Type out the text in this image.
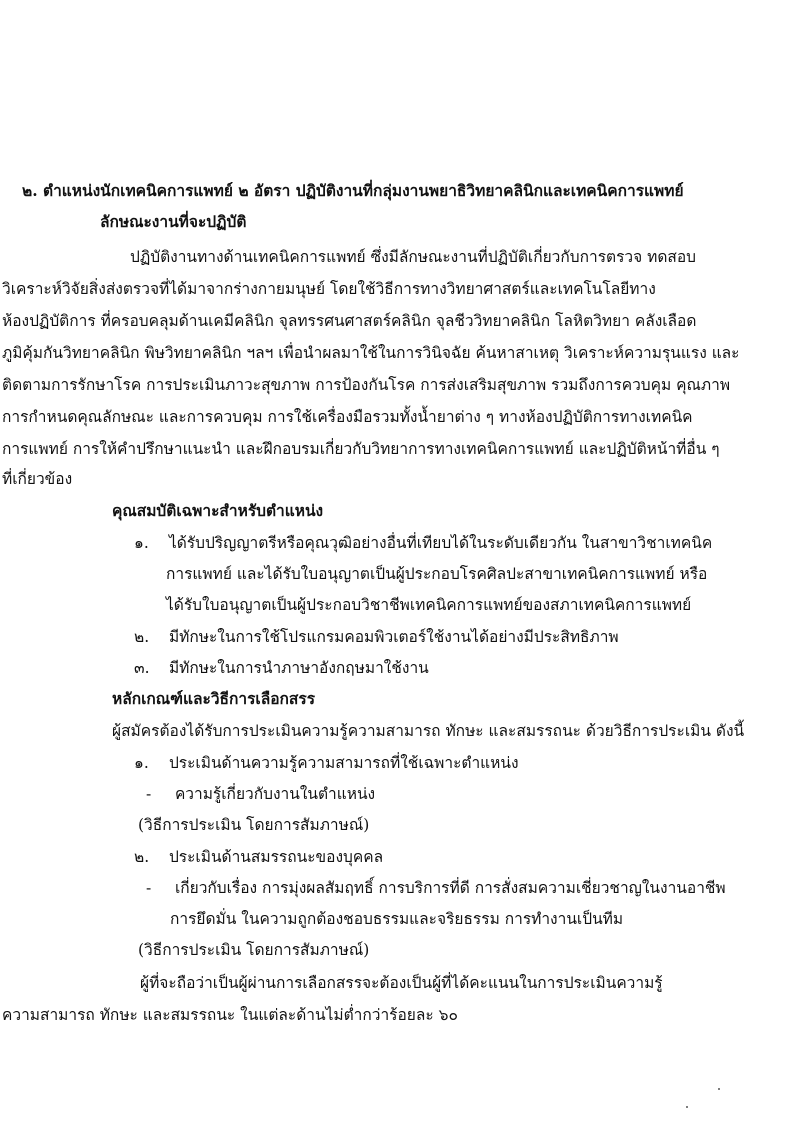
๒. ตำแหน่งนักเทคนิคการแพทย์ ๒ อัตรา ปฏิบัติงานที่กลุ่มงานพยาธิวิทยาคลินิกและเทคนิคการแพทย์
ลักษณะงานที่จะปฏิบัติ
ปฏิบัติงานทางด้านเทคนิคการแพทย์ ซึ่งมีลักษณะงานที่ปฏิบัติเกี่ยวกับการตรวจ ทดสอบ
วิเคราะห์วิจัยสิ่งส่งตรวจที่ได้มาจากร่างกายมนุษย์ โดยใช้วิธีการทางวิทยาศาสตร์และเทคโนโลยีทาง
ห้องปฏิบัติการ ที่ครอบคลุมด้านเคมีคลินิก จุลทรรศนศาสตร์คลินิก จุลชีววิทยาคลินิก โลหิตวิทยา คลังเลือด
ภูมิคุ้มกันวิทยาคลินิก พิษวิทยาคลินิก ฯลฯ เพื่อนำผลมาใช้ในการวินิจฉัย ค้นหาสาเหตุ วิเคราะห์ความรุนแรง และ
ติดตามการรักษาโรค การประเมินภาวะสุขภาพ การป้องกันโรค การส่งเสริมสุขภาพ รวมถึงการควบคุม คุณภาพ
การกำหนดคุณลักษณะ และการควบคุม การใช้เครื่องมือรวมทั้งน้ำยาต่าง ๆ ทางห้องปฏิบัติการทางเทคนิค
การแพทย์ การให้คำปรึกษาแนะนำ และฝึกอบรมเกี่ยวกับวิทยาการทางเทคนิคการแพทย์ และปฏิบัติหน้าที่อื่น ๆ
ที่เกี่ยวข้อง
คุณสมบัติเฉพาะสำหรับตำแหน่ง
๑. ได้รับปริญญาตรีหรือคุณวุฒิอย่างอื่นที่เทียบได้ในระดับเดียวกัน ในสาขาวิชาเทคนิค
การแพทย์ และได้รับใบอนุญาตเป็นผู้ประกอบโรคศิลปะสาขาเทคนิคการแพทย์ หรือ
ได้รับใบอนุญาตเป็นผู้ประกอบวิชาชีพเทคนิคการแพทย์ของสภาเทคนิคการแพทย์
๒. มีทักษะในการใช้โปรแกรมคอมพิวเตอร์ใช้งานได้อย่างมีประสิทธิภาพ
๓. มีทักษะในการนำภาษาอังกฤษมาใช้งาน
หลักเกณฑ์และวิธีการเลือกสรร
ผู้สมัครต้องได้รับการประเมินความรู้ความสามารถ ทักษะ และสมรรถนะ ด้วยวิธีการประเมิน ดังนี้
๑. ประเมินด้านความรู้ความสามารถที่ใช้เฉพาะตำแหน่ง
- ความรู้เกี่ยวกับงานในตำแหน่ง
(วิธีการประเมิน โดยการสัมภาษณ์)
๒. ประเมินด้านสมรรถนะของบุคคล
- เกี่ยวกับเรื่อง การมุ่งผลสัมฤทธิ์ การบริการที่ดี การสั่งสมความเชี่ยวชาญในงานอาชีพ
การยึดมั่น ในความถูกต้องชอบธรรมและจริยธรรม การทำงานเป็นทีม
(วิธีการประเมิน โดยการสัมภาษณ์)
ผู้ที่จะถือว่าเป็นผู้ผ่านการเลือกสรรจะต้องเป็นผู้ที่ได้คะแนนในการประเมินความรู้
ความสามารถ ทักษะ และสมรรถนะ ในแต่ละด้านไม่ต่ำกว่าร้อยละ ๖๐
